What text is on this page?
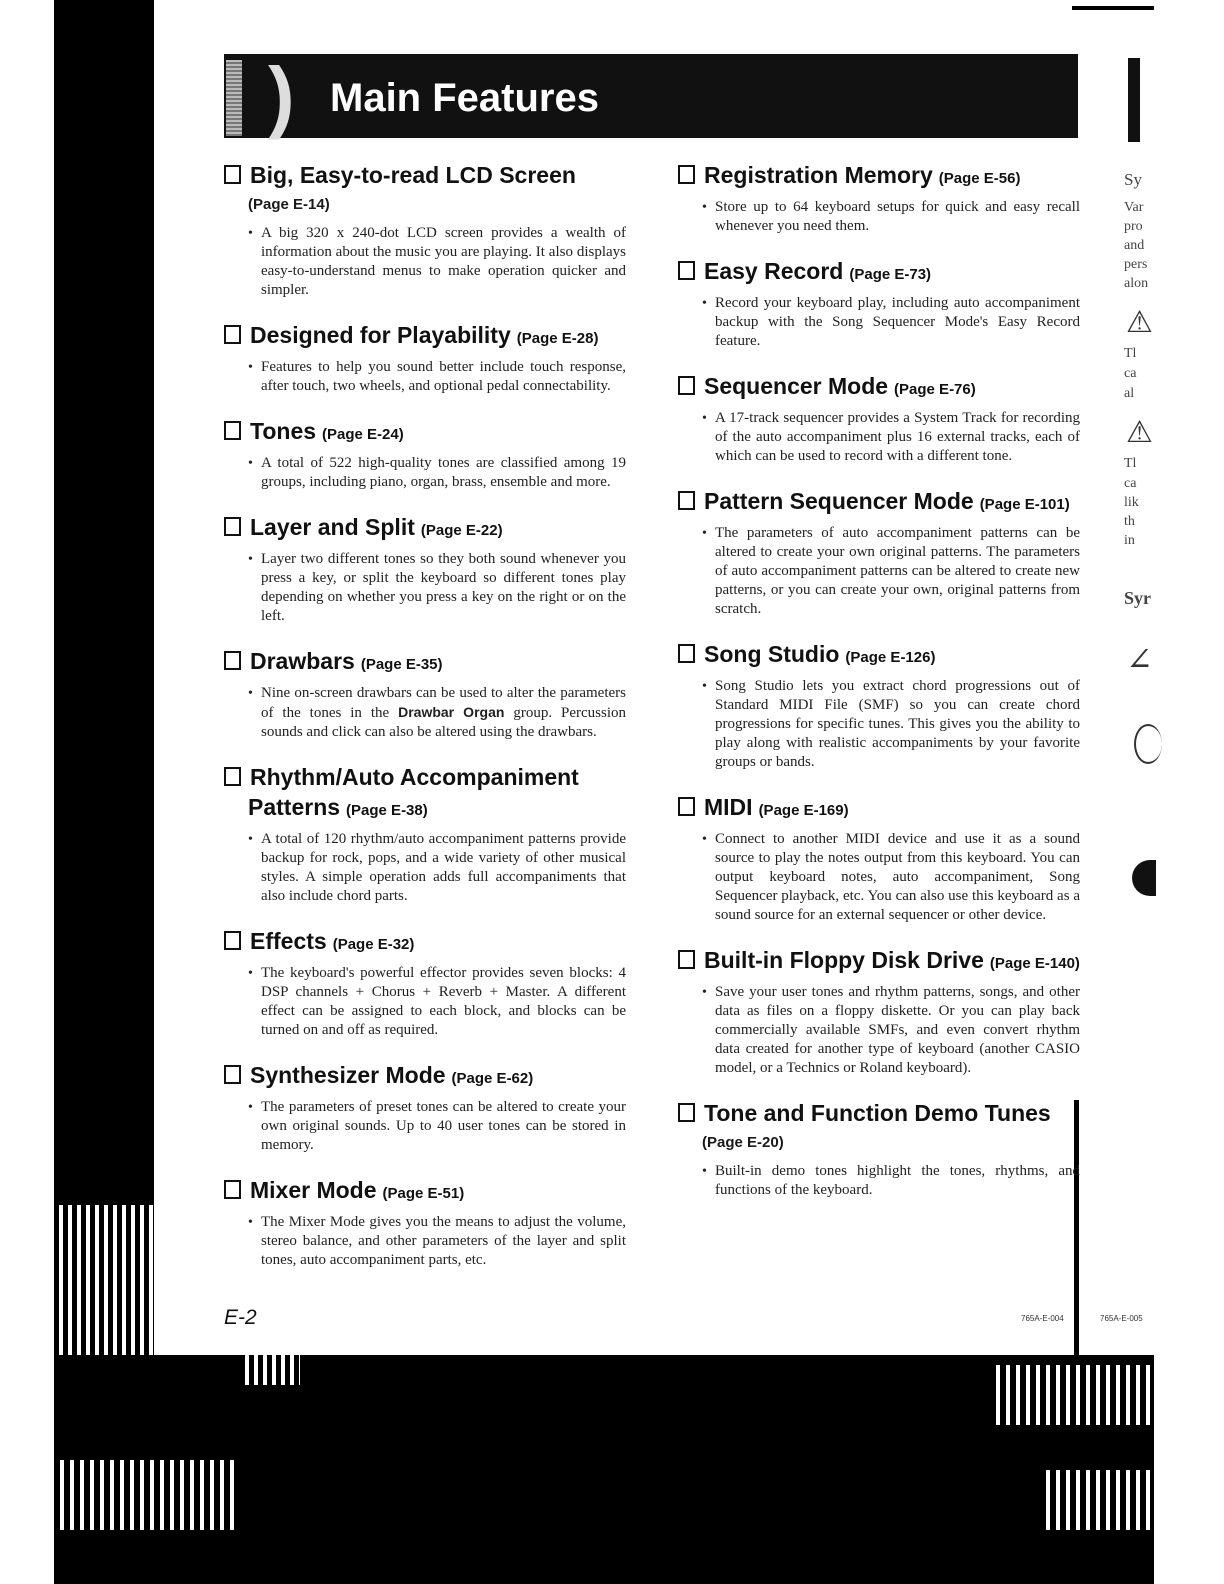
) Main Features
Big, Easy-to-read LCD Screen
(Page E-14)
• A big 320 x 240-dot LCD screen provides a wealth of information about the music you are playing. It also displays easy-to-understand menus to make operation quicker and simpler.
Designed for Playability (Page E-28)
• Features to help you sound better include touch response, after touch, two wheels, and optional pedal connectability.
Tones (Page E-24)
• A total of 522 high-quality tones are classified among 19 groups, including piano, organ, brass, ensemble and more.
Layer and Split (Page E-22)
• Layer two different tones so they both sound whenever you press a key, or split the keyboard so different tones play depending on whether you press a key on the right or on the left.
Drawbars (Page E-35)
• Nine on-screen drawbars can be used to alter the parameters of the tones in the Drawbar Organ group. Percussion sounds and click can also be altered using the drawbars.
Rhythm/Auto Accompaniment
Patterns (Page E-38)
• A total of 120 rhythm/auto accompaniment patterns provide backup for rock, pops, and a wide variety of other musical styles. A simple operation adds full accompaniments that also include chord parts.
Effects (Page E-32)
• The keyboard's powerful effector provides seven blocks: 4 DSP channels + Chorus + Reverb + Master. A different effect can be assigned to each block, and blocks can be turned on and off as required.
Synthesizer Mode (Page E-62)
• The parameters of preset tones can be altered to create your own original sounds. Up to 40 user tones can be stored in memory.
Mixer Mode (Page E-51)
• The Mixer Mode gives you the means to adjust the volume, stereo balance, and other parameters of the layer and split tones, auto accompaniment parts, etc.
Registration Memory (Page E-56)
• Store up to 64 keyboard setups for quick and easy recall whenever you need them.
Easy Record (Page E-73)
• Record your keyboard play, including auto accompaniment backup with the Song Sequencer Mode's Easy Record feature.
Sequencer Mode (Page E-76)
• A 17-track sequencer provides a System Track for recording of the auto accompaniment plus 16 external tracks, each of which can be used to record with a different tone.
Pattern Sequencer Mode (Page E-101)
• The parameters of auto accompaniment patterns can be altered to create your own original patterns. The parameters of auto accompaniment patterns can be altered to create new patterns, or you can create your own, original patterns from scratch.
Song Studio (Page E-126)
• Song Studio lets you extract chord progressions out of Standard MIDI File (SMF) so you can create chord progressions for specific tunes. This gives you the ability to play along with realistic accompaniments by your favorite groups or bands.
MIDI (Page E-169)
• Connect to another MIDI device and use it as a sound source to play the notes output from this keyboard. You can output keyboard notes, auto accompaniment, Song Sequencer playback, etc. You can also use this keyboard as a sound source for an external sequencer or other device.
Built-in Floppy Disk Drive (Page E-140)
• Save your user tones and rhythm patterns, songs, and other data as files on a floppy diskette. Or you can play back commercially available SMFs, and even convert rhythm data created for another type of keyboard (another CASIO model, or a Technics or Roland keyboard).
Tone and Function Demo Tunes
(Page E-20)
• Built-in demo tones highlight the tones, rhythms, and functions of the keyboard.
E-2	765A-E-004	765A-E-005
Sy
Var
pro
and
pers
alon
⚠
Tl
ca
al
⚠
Tl
ca
lik
th
in
Syr
∠
